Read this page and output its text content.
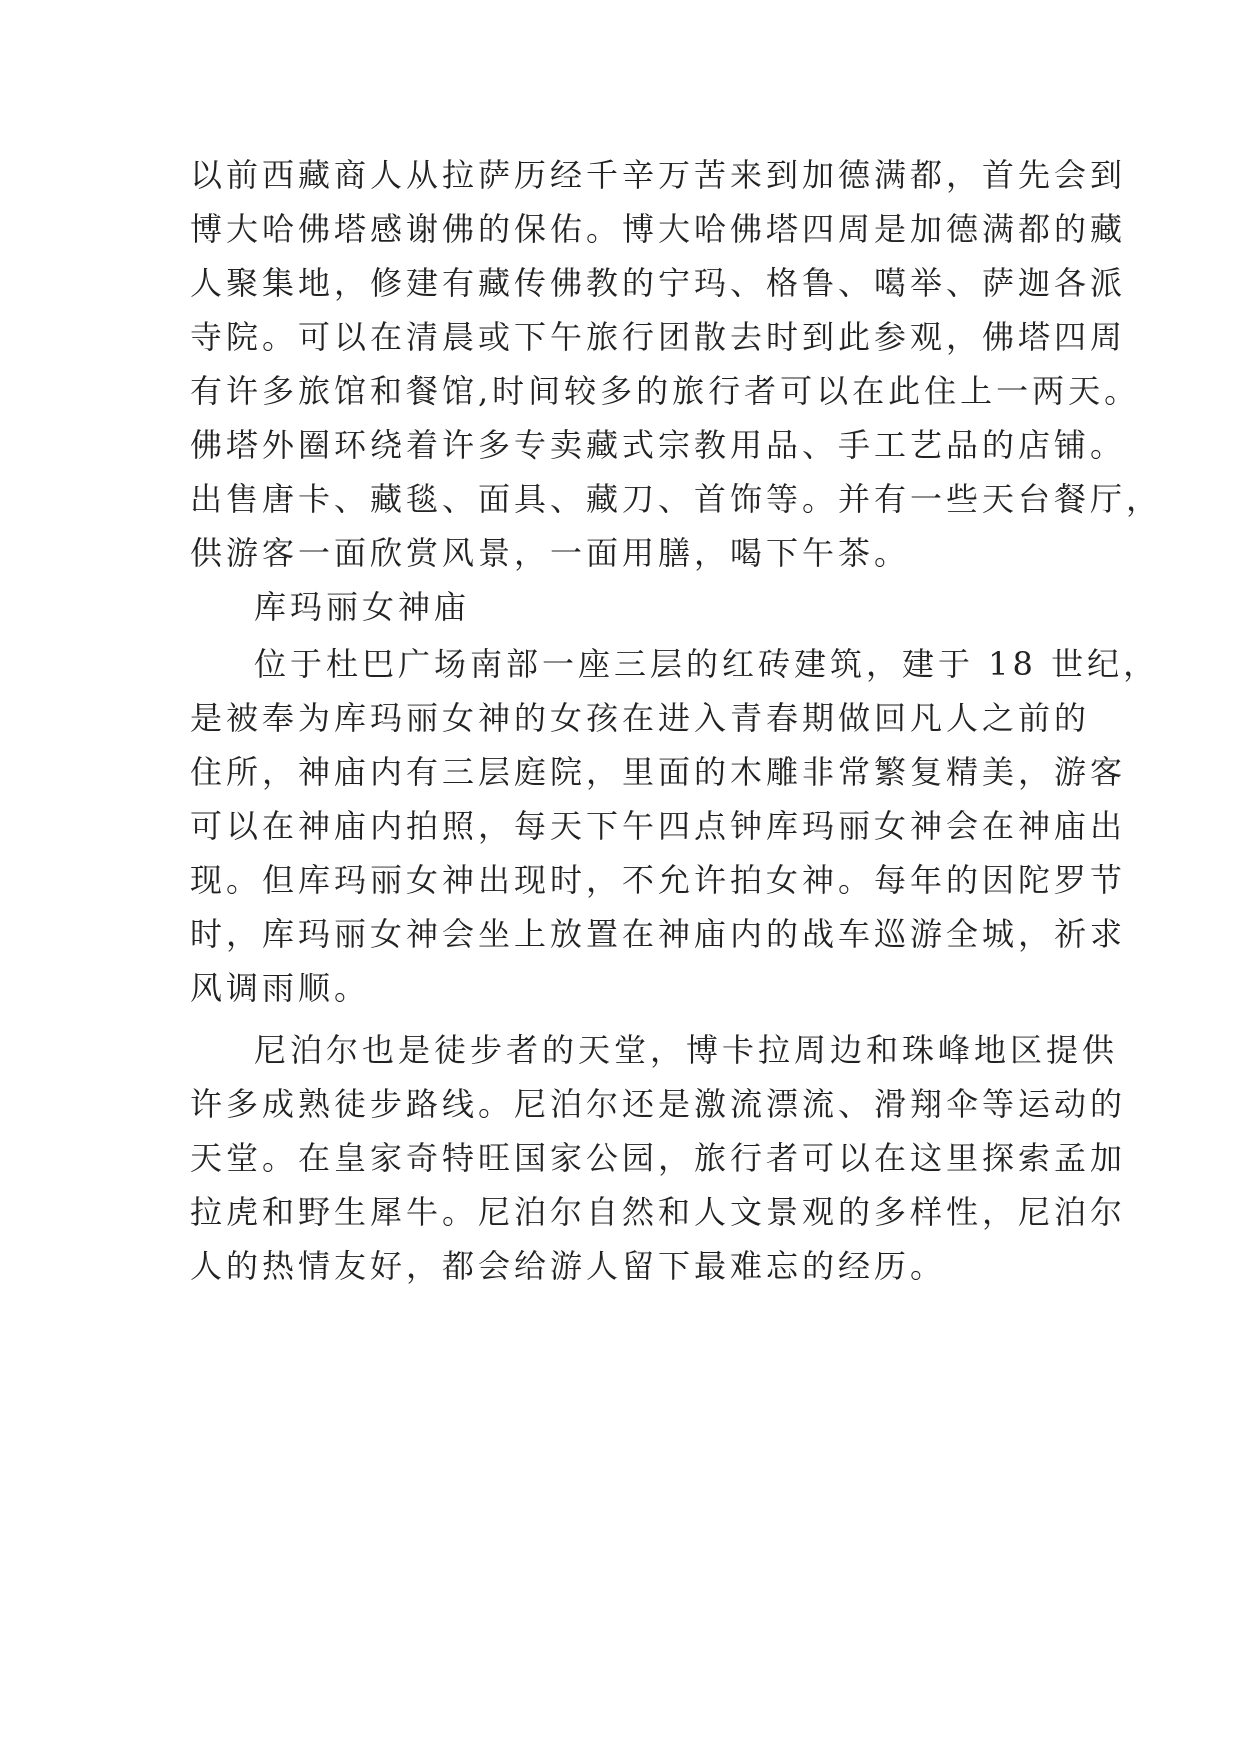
以前西藏商人从拉萨历经千辛万苦来到加德满都，首先会到
博大哈佛塔感谢佛的保佑。博大哈佛塔四周是加德满都的藏
人聚集地，修建有藏传佛教的宁玛、格鲁、噶举、萨迦各派
寺院。可以在清晨或下午旅行团散去时到此参观，佛塔四周
有许多旅馆和餐馆,时间较多的旅行者可以在此住上一两天。
佛塔外圈环绕着许多专卖藏式宗教用品、手工艺品的店铺。
出售唐卡、藏毯、面具、藏刀、首饰等。并有一些天台餐厅，
供游客一面欣赏风景，一面用膳，喝下午茶。
库玛丽女神庙
位于杜巴广场南部一座三层的红砖建筑，建于 18 世纪，
是被奉为库玛丽女神的女孩在进入青春期做回凡人之前的
住所，神庙内有三层庭院，里面的木雕非常繁复精美，游客
可以在神庙内拍照，每天下午四点钟库玛丽女神会在神庙出
现。但库玛丽女神出现时，不允许拍女神。每年的因陀罗节
时，库玛丽女神会坐上放置在神庙内的战车巡游全城，祈求
风调雨顺。
尼泊尔也是徒步者的天堂，博卡拉周边和珠峰地区提供
许多成熟徒步路线。尼泊尔还是激流漂流、滑翔伞等运动的
天堂。在皇家奇特旺国家公园，旅行者可以在这里探索孟加
拉虎和野生犀牛。尼泊尔自然和人文景观的多样性，尼泊尔
人的热情友好，都会给游人留下最难忘的经历。
